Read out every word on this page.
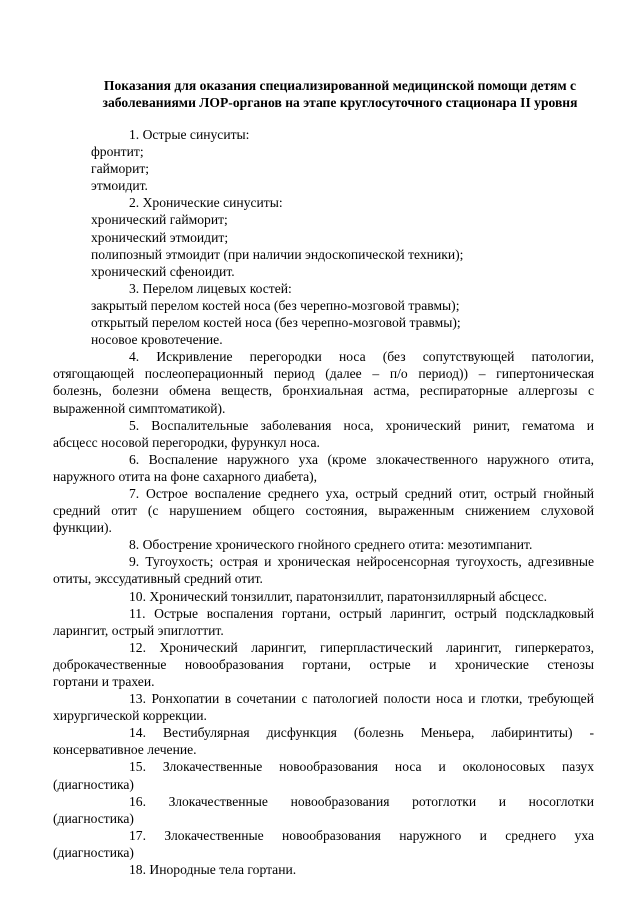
Показания для оказания специализированной медицинской помощи детям с
заболеваниями ЛОР-органов на этапе круглосуточного стационара II уровня

1. Острые синуситы:

фронтит;

гайморит;

этмоидит.

2. Хронические синуситы:

хронический гайморит;

хронический этмоидит;

полипозный этмоидит (при наличии эндоскопической техники);

хронический сфеноидит.

3. Перелом лицевых костей:

закрытый перелом костей носа (без черепно-мозговой травмы);

открытый перелом костей носа (без черепно-мозговой травмы);

носовое кровотечение.

4. Искривление перегородки носа (без сопутствующей патологии,
отягощающей послеоперационный период (далее – п/о период)) – гипертоническая
болезнь, болезни обмена веществ, бронхиальная астма, респираторные аллергозы с
выраженной симптоматикой).
5. Воспалительные заболевания носа, хронический ринит, гематома и
абсцесс носовой перегородки, фурункул носа.
6. Воспаление наружного уха (кроме злокачественного наружного отита,
наружного отита на фоне сахарного диабета),
7. Острое воспаление среднего уха, острый средний отит, острый гнойный
средний отит (с нарушением общего состояния, выраженным снижением слуховой
функции).
8. Обострение хронического гнойного среднего отита: мезотимпанит.
9. Тугоухость; острая и хроническая нейросенсорная тугоухость, адгезивные
отиты, экссудативный средний отит.
10. Хронический тонзиллит, паратонзиллит, паратонзиллярный абсцесс.
11. Острые воспаления гортани, острый ларингит, острый подскладковый
ларингит, острый эпиглоттит.
12. Хронический ларингит, гиперпластический ларингит, гиперкератоз,
доброкачественные новообразования гортани, острые и хронические стенозы
гортани и трахеи.
13. Ронхопатии в сочетании с патологией полости носа и глотки, требующей
хирургической коррекции.
14. Вестибулярная дисфункция (болезнь Меньера, лабиринтиты) -
консервативное лечение.
15. Злокачественные новообразования носа и околоносовых пазух
(диагностика)
16. Злокачественные новообразования ротоглотки и носоглотки
(диагностика)
17. Злокачественные новообразования наружного и среднего уха
(диагностика)
18. Инородные тела гортани.
